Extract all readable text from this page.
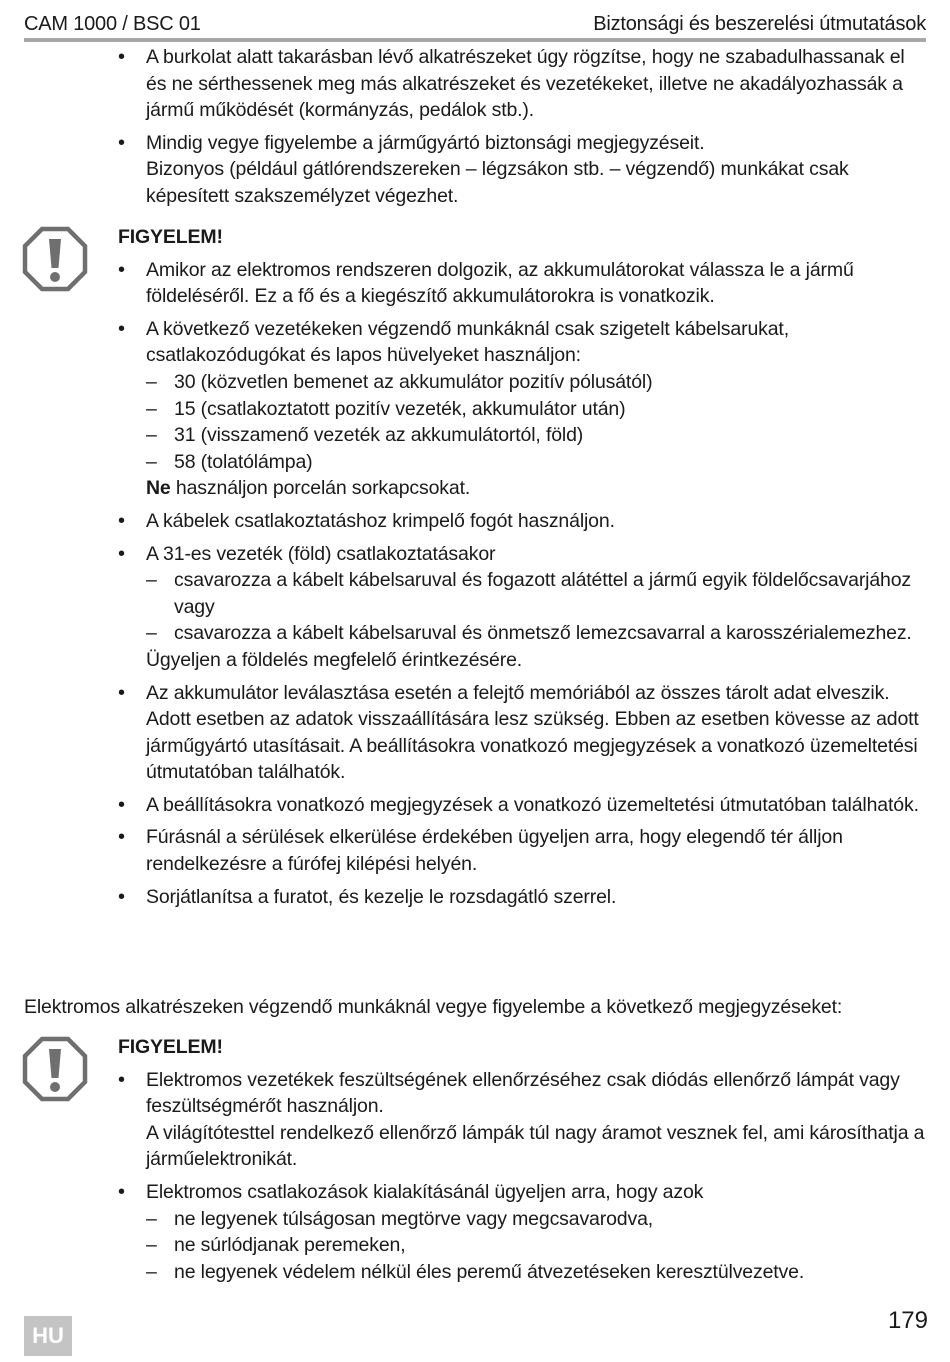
CAM 1000 / BSC 01	Biztonsági és beszerelési útmutatások
• A burkolat alatt takarásban lévő alkatrészeket úgy rögzítse, hogy ne szabadulhassanak el és ne sérthessenek meg más alkatrészeket és vezetékeket, illetve ne akadályozhassák a jármű működését (kormányzás, pedálok stb.).
• Mindig vegye figyelembe a járműgyártó biztonsági megjegyzéseit.
Bizonyos (például gátlórendszereken – légzsákon stb. – végzendő) munkákat csak képesített szakszemélyzet végezhet.
FIGYELEM!
• Amikor az elektromos rendszeren dolgozik, az akkumulátorokat válassza le a jármű földeléséről. Ez a fő és a kiegészítő akkumulátorokra is vonatkozik.
• A következő vezetékeken végzendő munkáknál csak szigetelt kábelsarukat, csatlakozódugókat és lapos hüvelyeket használjon:
– 30 (közvetlen bemenet az akkumulátor pozitív pólusától)
– 15 (csatlakoztatott pozitív vezeték, akkumulátor után)
– 31 (visszamenő vezeték az akkumulátortól, föld)
– 58 (tolatólámpa)
Ne használjon porcelán sorkapcsokat.
• A kábelek csatlakoztatáshoz krimpelő fogót használjon.
• A 31-es vezeték (föld) csatlakoztatásakor
– csavarozza a kábelt kábelsaruval és fogazott alátéttel a jármű egyik földelőcsavarjához vagy
– csavarozza a kábelt kábelsaruval és önmetsző lemezcsavarral a karosszérialemezhez.
Ügyeljen a földelés megfelelő érintkezésére.
• Az akkumulátor leválasztása esetén a felejtő memóriából az összes tárolt adat elveszik. Adott esetben az adatok visszaállítására lesz szükség. Ebben az esetben kövesse az adott járműgyártó utasításait. A beállításokra vonatkozó megjegyzések a vonatkozó üzemeltetési útmutatóban találhatók.
• A beállításokra vonatkozó megjegyzések a vonatkozó üzemeltetési útmutatóban találhatók.
• Fúrásnál a sérülések elkerülése érdekében ügyeljen arra, hogy elegendő tér álljon rendelkezésre a fúrófej kilépési helyén.
• Sorjátlanítsa a furatot, és kezelje le rozsdagátló szerrel.
Elektromos alkatrészeken végzendő munkáknál vegye figyelembe a következő megjegyzéseket:
FIGYELEM!
• Elektromos vezetékek feszültségének ellenőrzéséhez csak diódás ellenőrző lámpát vagy feszültségmérőt használjon.
A világítótesttel rendelkező ellenőrző lámpák túl nagy áramot vesznek fel, ami károsíthatja a járműelektronikát.
• Elektromos csatlakozások kialakításánál ügyeljen arra, hogy azok
– ne legyenek túlságosan megtörve vagy megcsavarodva,
– ne súrlódjanak peremeken,
– ne legyenek védelem nélkül éles peremű átvezetéseken keresztülvezetve.
HU
179
